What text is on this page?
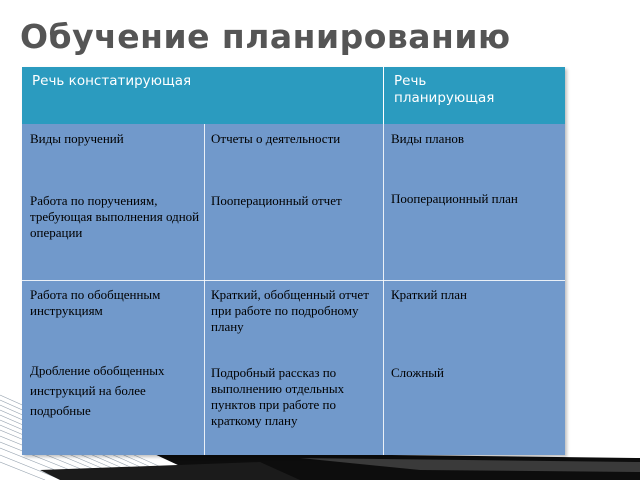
Обучение планированию
Речь констатирующая	Речь планирующая
Виды поручений
Работа по поручениям, требующая выполнения одной операции
Работа по обобщенным инструкциям
Дробление обобщенных инструкций на более подробные
Отчеты о деятельности
Пооперационный отчет
Краткий, обобщенный отчет при работе по подробному плану
Подробный рассказ по выполнению отдельных пунктов при работе по краткому плану
Виды планов
Пооперационный план
Краткий план
Сложный
